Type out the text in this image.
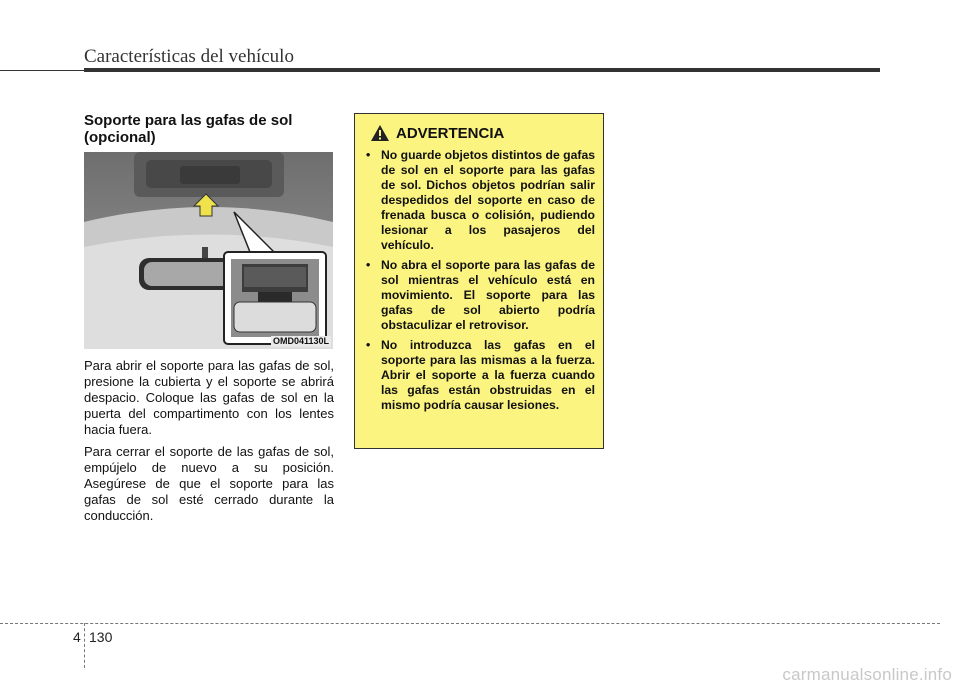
Características del vehículo
Soporte para las gafas de sol (opcional)
OMD041130L

Para abrir el soporte para las gafas de sol, presione la cubierta y el soporte se abrirá despacio. Coloque las gafas de sol en la puerta del compartimento con los lentes hacia fuera.

Para cerrar el soporte de las gafas de sol, empújelo de nuevo a su posición. Asegúrese de que el soporte para las gafas de sol esté cerrado durante la conducción.

ADVERTENCIA
• No guarde objetos distintos de gafas de sol en el soporte para las gafas de sol. Dichos objetos podrían salir despedidos del soporte en caso de frenada busca o colisión, pudiendo lesionar a los pasajeros del vehículo.
• No abra el soporte para las gafas de sol mientras el vehículo está en movimiento. El soporte para las gafas de sol abierto podría obstaculizar el retrovisor.
• No introduzca las gafas en el soporte para las mismas a la fuerza. Abrir el soporte a la fuerza cuando las gafas están obstruidas en el mismo podría causar lesiones.
4 130
carmanualsonline.info
